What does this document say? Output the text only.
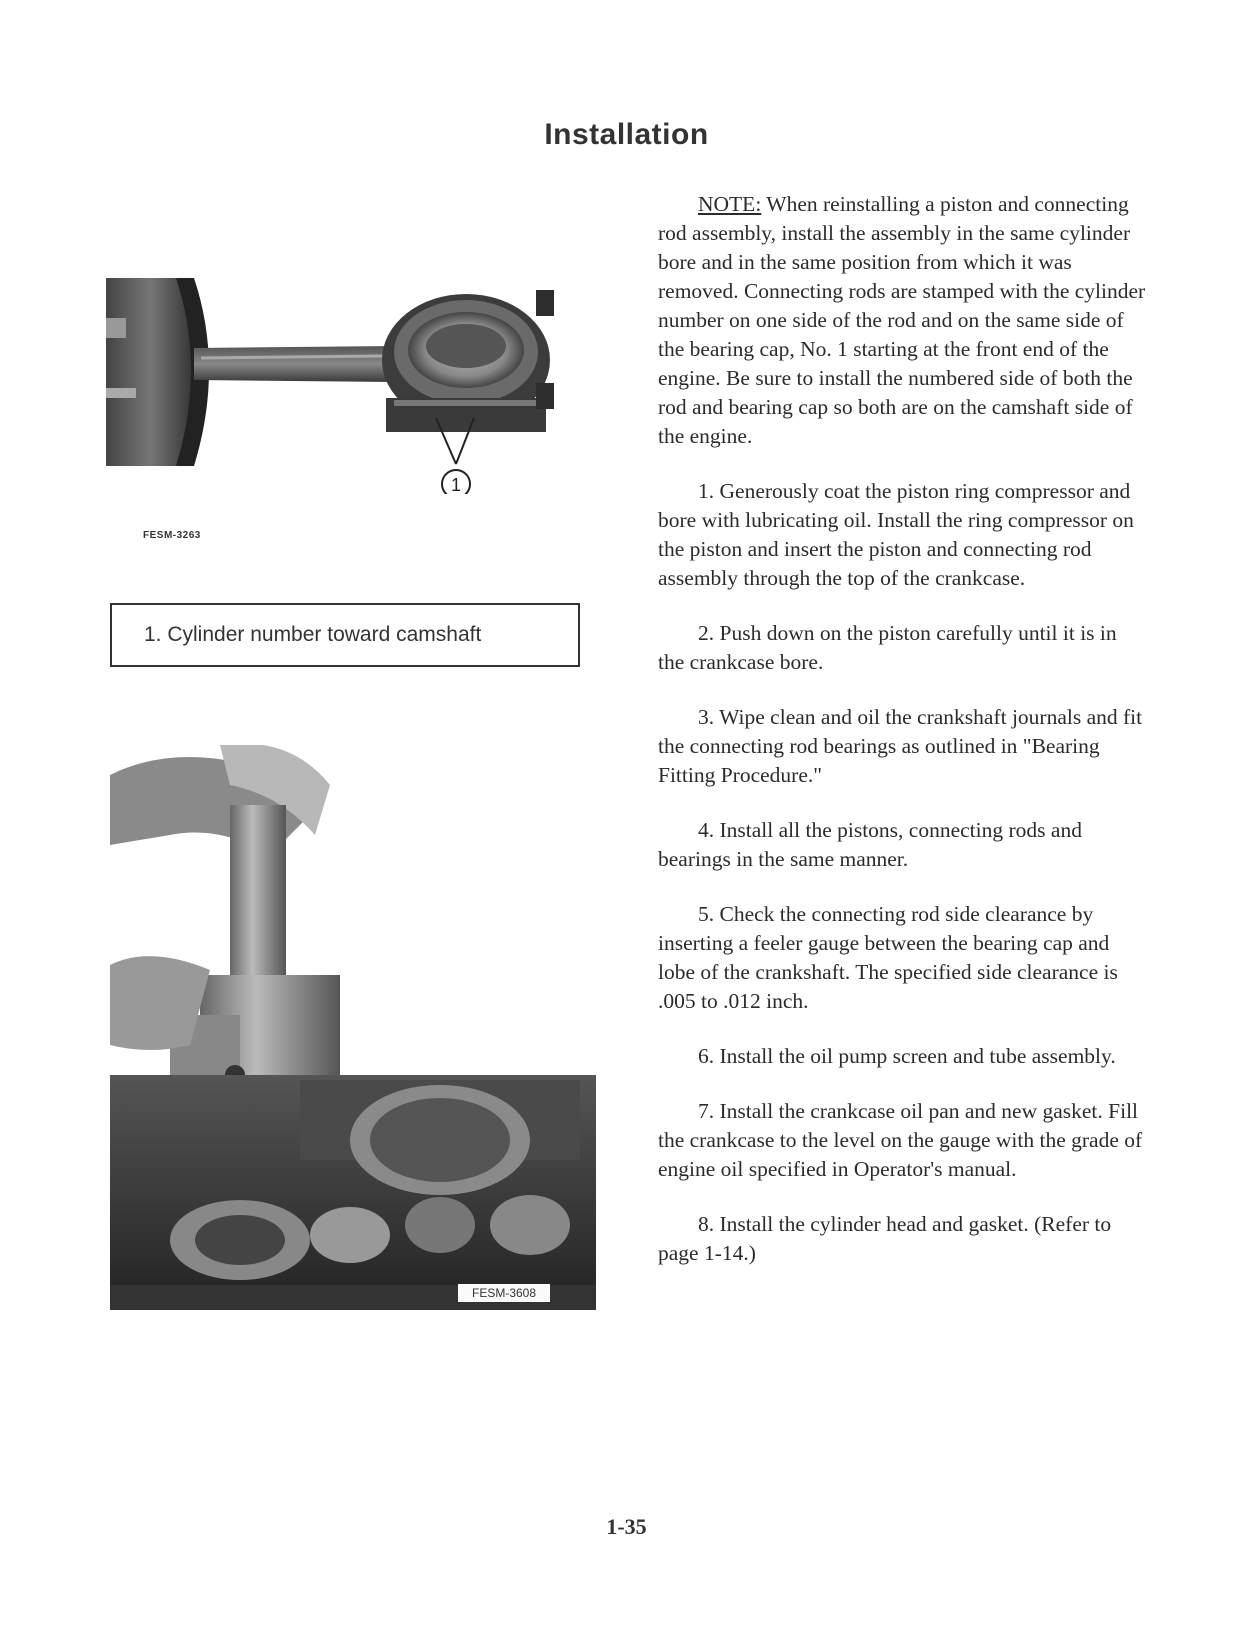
Installation
1
FESM-3263
1. Cylinder number toward camshaft
FESM-3608

NOTE: When reinstalling a piston and connecting rod assembly, install the assembly in the same cylinder bore and in the same position from which it was removed. Connecting rods are stamped with the cylinder number on one side of the rod and on the same side of the bearing cap, No. 1 starting at the front end of the engine. Be sure to install the numbered side of both the rod and bearing cap so both are on the camshaft side of the engine.

1. Generously coat the piston ring compressor and bore with lubricating oil. Install the ring compressor on the piston and insert the piston and connecting rod assembly through the top of the crankcase.

2. Push down on the piston carefully until it is in the crankcase bore.

3. Wipe clean and oil the crankshaft journals and fit the connecting rod bearings as outlined in "Bearing Fitting Procedure."

4. Install all the pistons, connecting rods and bearings in the same manner.

5. Check the connecting rod side clearance by inserting a feeler gauge between the bearing cap and lobe of the crankshaft. The specified side clearance is .005 to .012 inch.

6. Install the oil pump screen and tube assembly.

7. Install the crankcase oil pan and new gasket. Fill the crankcase to the level on the gauge with the grade of engine oil specified in Operator's manual.

8. Install the cylinder head and gasket. (Refer to page 1-14.)

1-35
